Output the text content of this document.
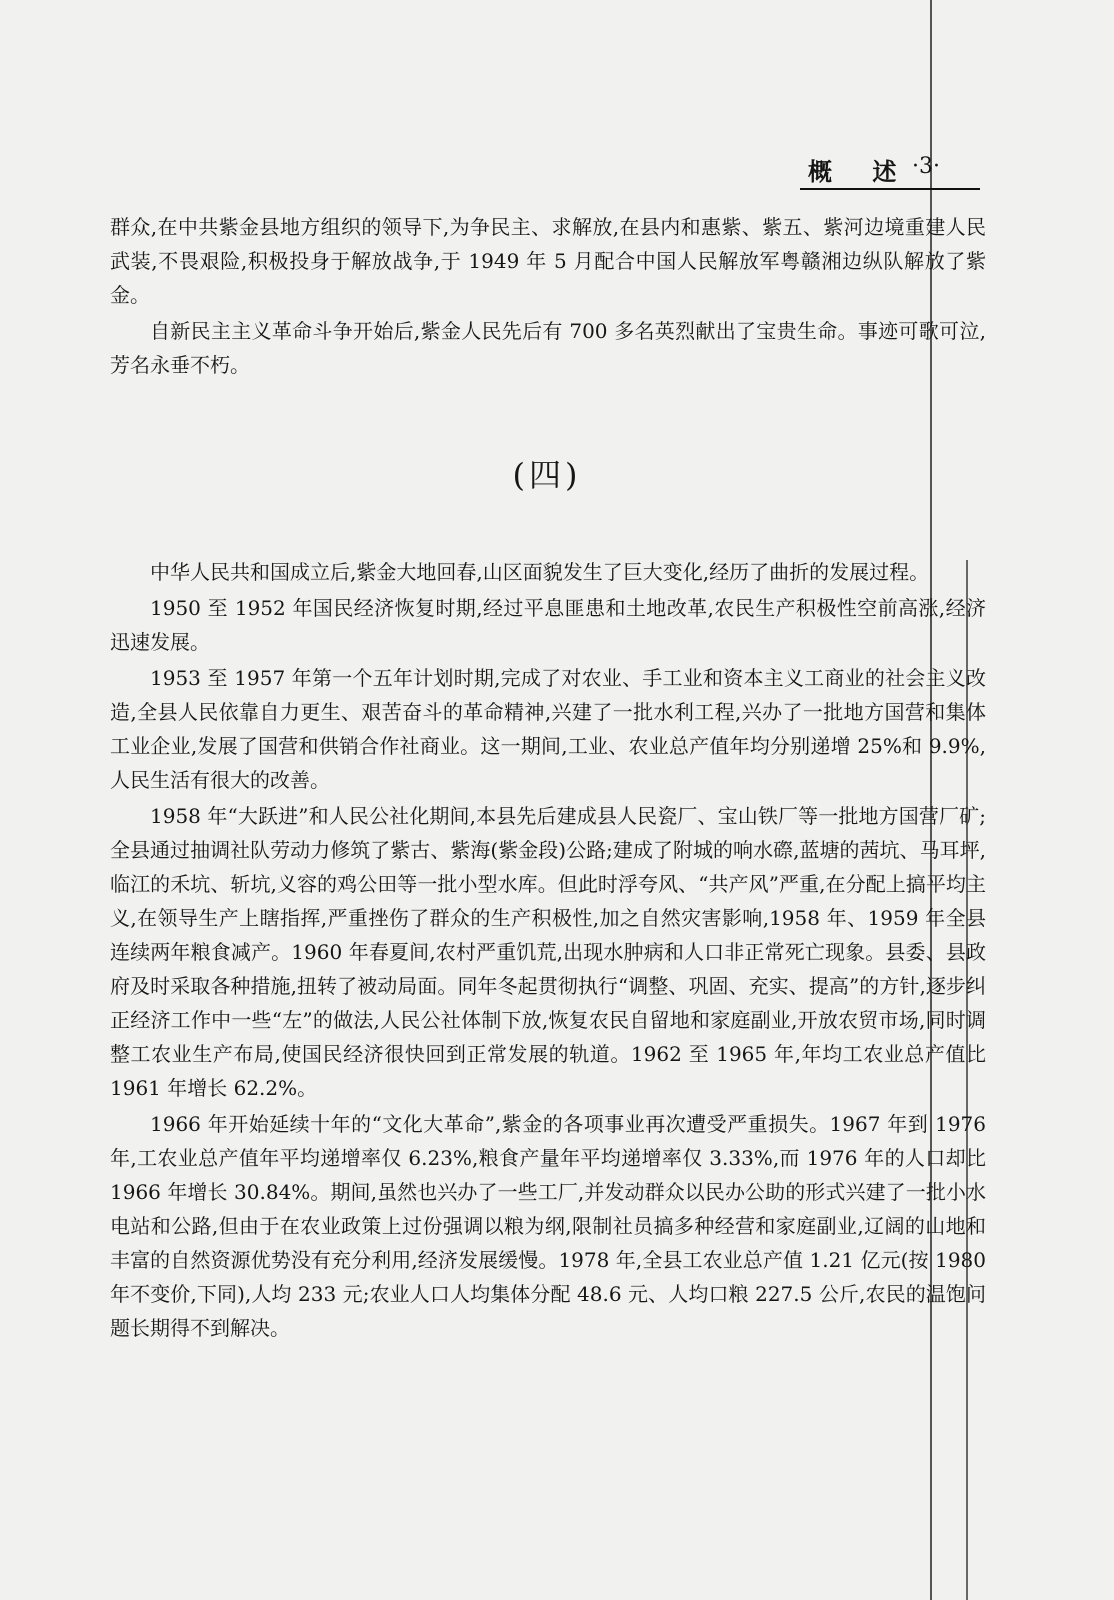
概 述 ·3·

群众,在中共紫金县地方组织的领导下,为争民主、求解放,在县内和惠紫、紫五、紫河边境重建人民武装,不畏艰险,积极投身于解放战争,于 1949 年 5 月配合中国人民解放军粤赣湘边纵队解放了紫金。

自新民主主义革命斗争开始后,紫金人民先后有 700 多名英烈献出了宝贵生命。事迹可歌可泣,芳名永垂不朽。

(四)

中华人民共和国成立后,紫金大地回春,山区面貌发生了巨大变化,经历了曲折的发展过程。

1950 至 1952 年国民经济恢复时期,经过平息匪患和土地改革,农民生产积极性空前高涨,经济迅速发展。

1953 至 1957 年第一个五年计划时期,完成了对农业、手工业和资本主义工商业的社会主义改造,全县人民依靠自力更生、艰苦奋斗的革命精神,兴建了一批水利工程,兴办了一批地方国营和集体工业企业,发展了国营和供销合作社商业。这一期间,工业、农业总产值年均分别递增 25%和 9.9%,人民生活有很大的改善。

1958 年“大跃进”和人民公社化期间,本县先后建成县人民瓷厂、宝山铁厂等一批地方国营厂矿;全县通过抽调社队劳动力修筑了紫古、紫海(紫金段)公路;建成了附城的响水磜,蓝塘的茜坑、马耳坪,临江的禾坑、斩坑,义容的鸡公田等一批小型水库。但此时浮夸风、“共产风”严重,在分配上搞平均主义,在领导生产上瞎指挥,严重挫伤了群众的生产积极性,加之自然灾害影响,1958 年、1959 年全县连续两年粮食减产。1960 年春夏间,农村严重饥荒,出现水肿病和人口非正常死亡现象。县委、县政府及时采取各种措施,扭转了被动局面。同年冬起贯彻执行“调整、巩固、充实、提高”的方针,逐步纠正经济工作中一些“左”的做法,人民公社体制下放,恢复农民自留地和家庭副业,开放农贸市场,同时调整工农业生产布局,使国民经济很快回到正常发展的轨道。1962 至 1965 年,年均工农业总产值比 1961 年增长 62.2%。

1966 年开始延续十年的“文化大革命”,紫金的各项事业再次遭受严重损失。1967 年到 1976 年,工农业总产值年平均递增率仅 6.23%,粮食产量年平均递增率仅 3.33%,而 1976 年的人口却比 1966 年增长 30.84%。期间,虽然也兴办了一些工厂,并发动群众以民办公助的形式兴建了一批小水电站和公路,但由于在农业政策上过份强调以粮为纲,限制社员搞多种经营和家庭副业,辽阔的山地和丰富的自然资源优势没有充分利用,经济发展缓慢。1978 年,全县工农业总产值 1.21 亿元(按 1980 年不变价,下同),人均 233 元;农业人口人均集体分配 48.6 元、人均口粮 227.5 公斤,农民的温饱问题长期得不到解决。
